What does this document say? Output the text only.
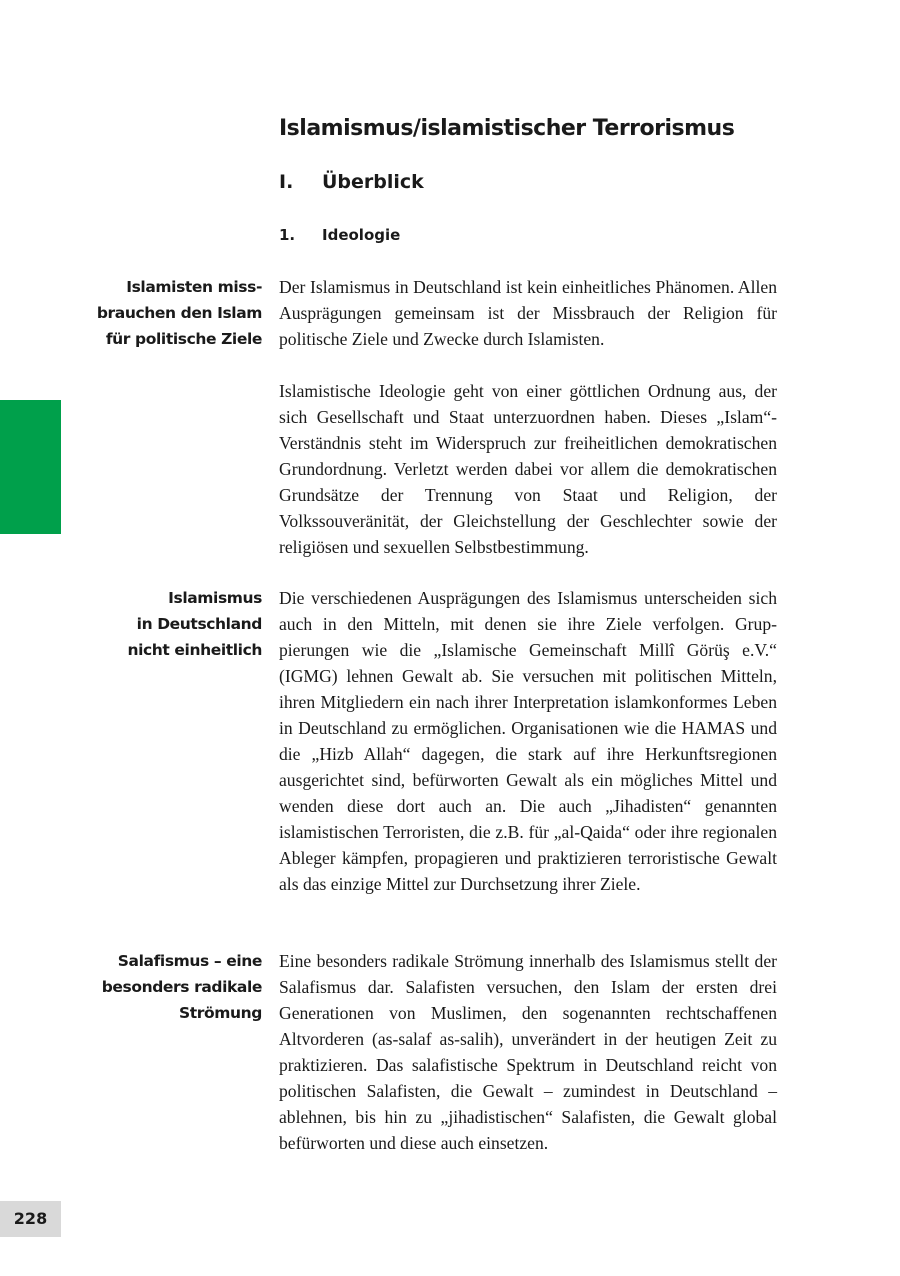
Islamismus/islamistischer Terrorismus
I. Überblick
1. Ideologie
Islamisten miss-
brauchen den Islam
für politische Ziele

Der Islamismus in Deutschland ist kein einheitliches Phänomen. Allen Ausprägungen gemeinsam ist der Missbrauch der Religion für politische Ziele und Zwecke durch Islamisten.

Islamistische Ideologie geht von einer göttlichen Ordnung aus, der sich Gesellschaft und Staat unterzuordnen haben. Dieses „Islam“-Verständnis steht im Widerspruch zur freiheitlichen demokratischen Grundordnung. Verletzt werden dabei vor allem die demokratischen Grundsätze der Trennung von Staat und Religion, der Volkssouveränität, der Gleichstellung der Geschlechter sowie der religiösen und sexuellen Selbstbestimmung.

Islamismus
in Deutschland
nicht einheitlich

Die verschiedenen Ausprägungen des Islamismus unterscheiden sich auch in den Mitteln, mit denen sie ihre Ziele verfolgen. Gruppierungen wie die „Islamische Gemeinschaft Millî Görüş e.V.“ (IGMG) lehnen Gewalt ab. Sie versuchen mit politischen Mitteln, ihren Mitgliedern ein nach ihrer Interpretation islamkonformes Leben in Deutschland zu ermöglichen. Organisationen wie die HAMAS und die „Hizb Allah“ dagegen, die stark auf ihre Herkunftsregionen ausgerichtet sind, befürworten Gewalt als ein mögliches Mittel und wenden diese dort auch an. Die auch „Jihadisten“ genannten islamistischen Terroristen, die z.B. für „al-Qaida“ oder ihre regionalen Ableger kämpfen, propagieren und praktizieren terroristische Gewalt als das einzige Mittel zur Durchsetzung ihrer Ziele.

Salafismus – eine
besonders radikale
Strömung

Eine besonders radikale Strömung innerhalb des Islamismus stellt der Salafismus dar. Salafisten versuchen, den Islam der ersten drei Generationen von Muslimen, den sogenannten rechtschaffenen Altvorderen (as-salaf as-salih), unverändert in der heutigen Zeit zu praktizieren. Das salafistische Spektrum in Deutschland reicht von politischen Salafisten, die Gewalt – zumindest in Deutschland – ablehnen, bis hin zu „jihadistischen“ Salafisten, die Gewalt global befürworten und diese auch einsetzen.

228
